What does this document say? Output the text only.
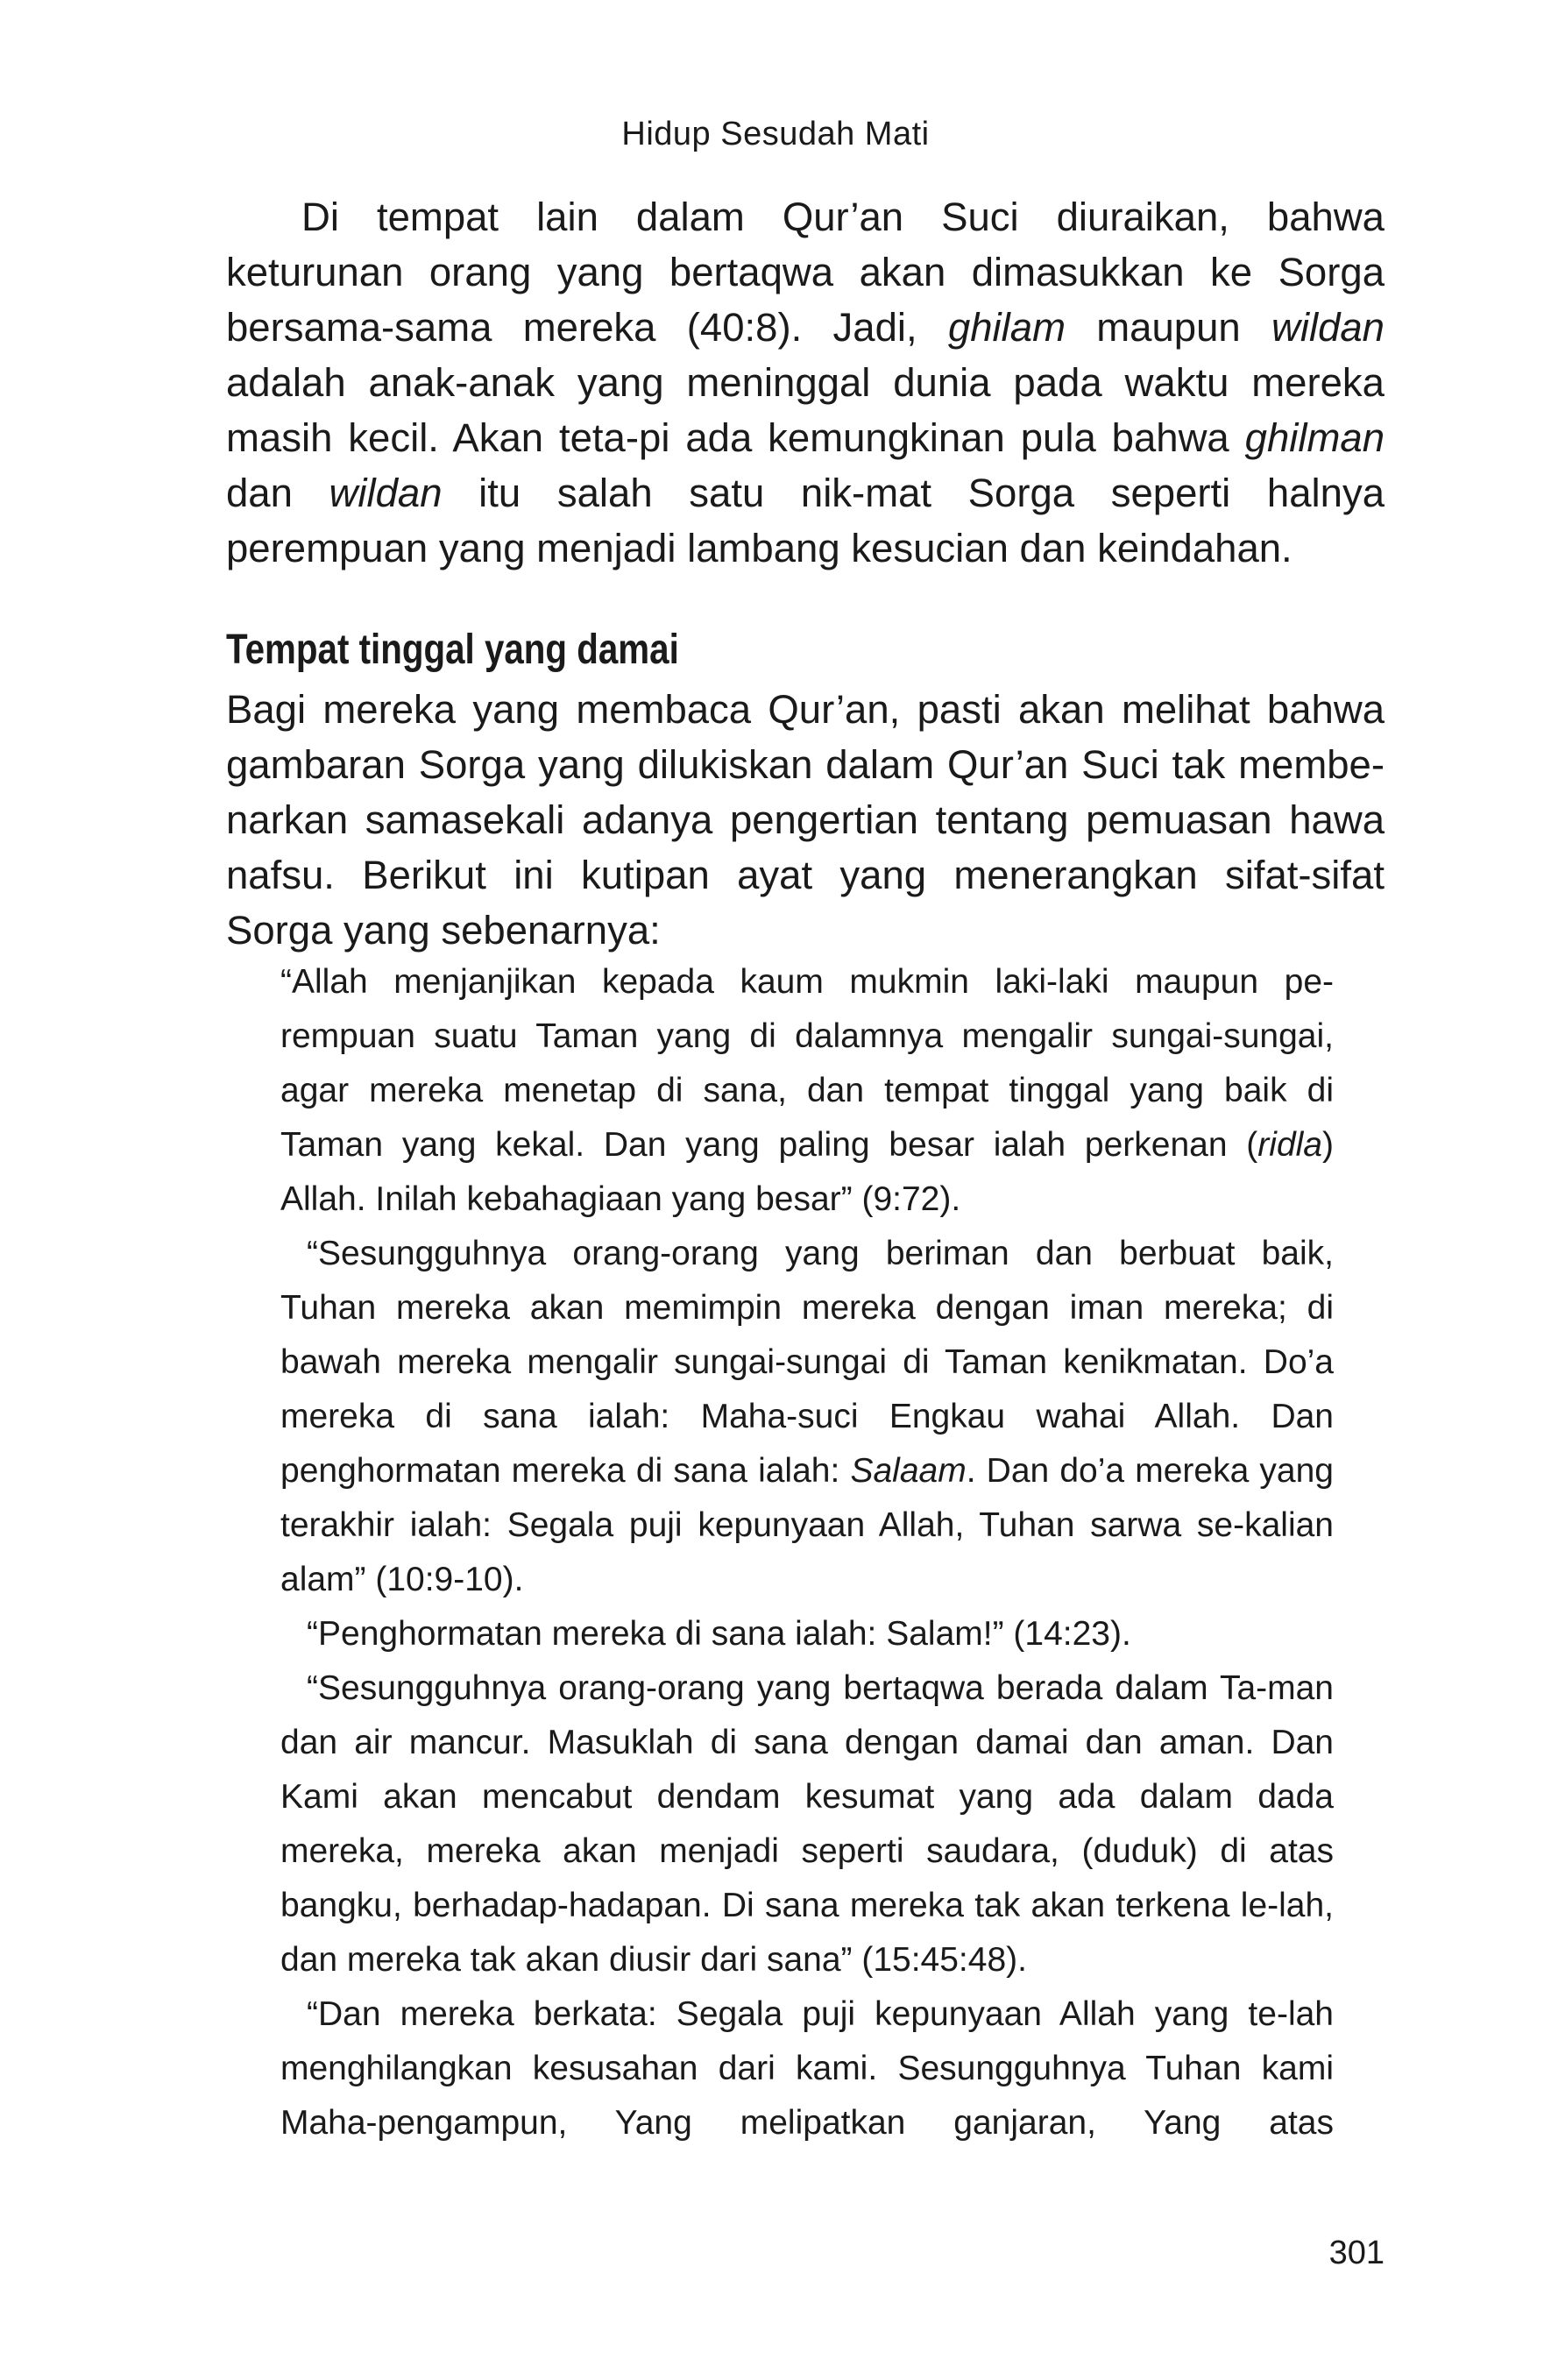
Hidup Sesudah Mati

Di tempat lain dalam Qur’an Suci diuraikan, bahwa keturunan orang yang bertaqwa akan dimasukkan ke Sorga bersama-sama mereka (40:8). Jadi, ghilam maupun wildan adalah anak-anak yang meninggal dunia pada waktu mereka masih kecil. Akan teta-pi ada kemungkinan pula bahwa ghilman dan wildan itu salah satu nik-mat Sorga seperti halnya perempuan yang menjadi lambang kesucian dan keindahan.

Tempat tinggal yang damai

Bagi mereka yang membaca Qur’an, pasti akan melihat bahwa gambaran Sorga yang dilukiskan dalam Qur’an Suci tak membe-narkan samasekali adanya pengertian tentang pemuasan hawa nafsu. Berikut ini kutipan ayat yang menerangkan sifat-sifat Sorga yang sebenarnya:

“Allah menjanjikan kepada kaum mukmin laki-laki maupun pe-rempuan suatu Taman yang di dalamnya mengalir sungai-sungai, agar mereka menetap di sana, dan tempat tinggal yang baik di Taman yang kekal. Dan yang paling besar ialah perkenan (ridla) Allah. Inilah kebahagiaan yang besar” (9:72).

“Sesungguhnya orang-orang yang beriman dan berbuat baik, Tuhan mereka akan memimpin mereka dengan iman mereka; di bawah mereka mengalir sungai-sungai di Taman kenikmatan. Do’a mereka di sana ialah: Maha-suci Engkau wahai Allah. Dan penghormatan mereka di sana ialah: Salaam. Dan do’a mereka yang terakhir ialah: Segala puji kepunyaan Allah, Tuhan sarwa se-kalian alam” (10:9-10).

“Penghormatan mereka di sana ialah: Salam!” (14:23).

“Sesungguhnya orang-orang yang bertaqwa berada dalam Ta-man dan air mancur. Masuklah di sana dengan damai dan aman. Dan Kami akan mencabut dendam kesumat yang ada dalam dada mereka, mereka akan menjadi seperti saudara, (duduk) di atas bangku, berhadap-hadapan. Di sana mereka tak akan terkena le-lah, dan mereka tak akan diusir dari sana” (15:45:48).

“Dan mereka berkata: Segala puji kepunyaan Allah yang te-lah menghilangkan kesusahan dari kami. Sesungguhnya Tuhan kami Maha-pengampun, Yang melipatkan ganjaran, Yang atas

301
